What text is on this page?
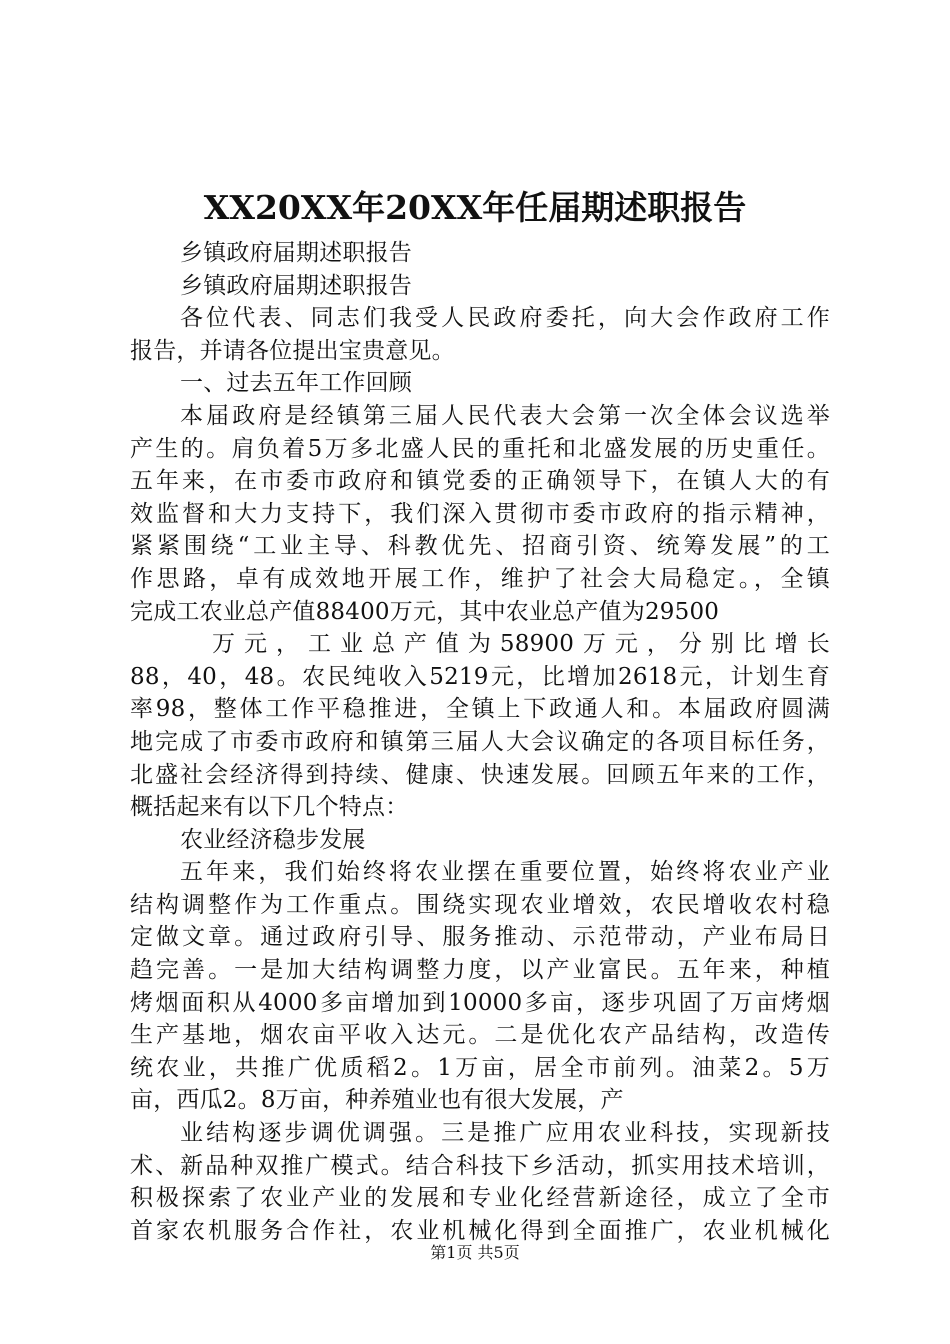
XX20XX年20XX年任届期述职报告
乡镇政府届期述职报告
乡镇政府届期述职报告
各位代表、同志们我受人民政府委托，向大会作政府工作
报告，并请各位提出宝贵意见。
一、过去五年工作回顾
本届政府是经镇第三届人民代表大会第一次全体会议选举
产生的。肩负着5万多北盛人民的重托和北盛发展的历史重任。
五年来，在市委市政府和镇党委的正确领导下，在镇人大的有
效监督和大力支持下，我们深入贯彻市委市政府的指示精神，
紧紧围绕“工业主导、科教优先、招商引资、统筹发展”的工
作思路，卓有成效地开展工作，维护了社会大局稳定。，全镇
完成工农业总产值88400万元，其中农业总产值为29500
万元，工业总产值为58900万元，分别比增长
88，40，48。农民纯收入5219元，比增加2618元，计划生育
率98，整体工作平稳推进，全镇上下政通人和。本届政府圆满
地完成了市委市政府和镇第三届人大会议确定的各项目标任务，
北盛社会经济得到持续、健康、快速发展。回顾五年来的工作，
概括起来有以下几个特点：
农业经济稳步发展
五年来，我们始终将农业摆在重要位置，始终将农业产业
结构调整作为工作重点。围绕实现农业增效，农民增收农村稳
定做文章。通过政府引导、服务推动、示范带动，产业布局日
趋完善。一是加大结构调整力度，以产业富民。五年来，种植
烤烟面积从4000多亩增加到10000多亩，逐步巩固了万亩烤烟
生产基地，烟农亩平收入达元。二是优化农产品结构，改造传
统农业，共推广优质稻2。1万亩，居全市前列。油菜2。5万
亩，西瓜2。8万亩，种养殖业也有很大发展，产
业结构逐步调优调强。三是推广应用农业科技，实现新技
术、新品种双推广模式。结合科技下乡活动，抓实用技术培训，
积极探索了农业产业的发展和专业化经营新途径，成立了全市
首家农机服务合作社，农业机械化得到全面推广，农业机械化
第1页 共5页
